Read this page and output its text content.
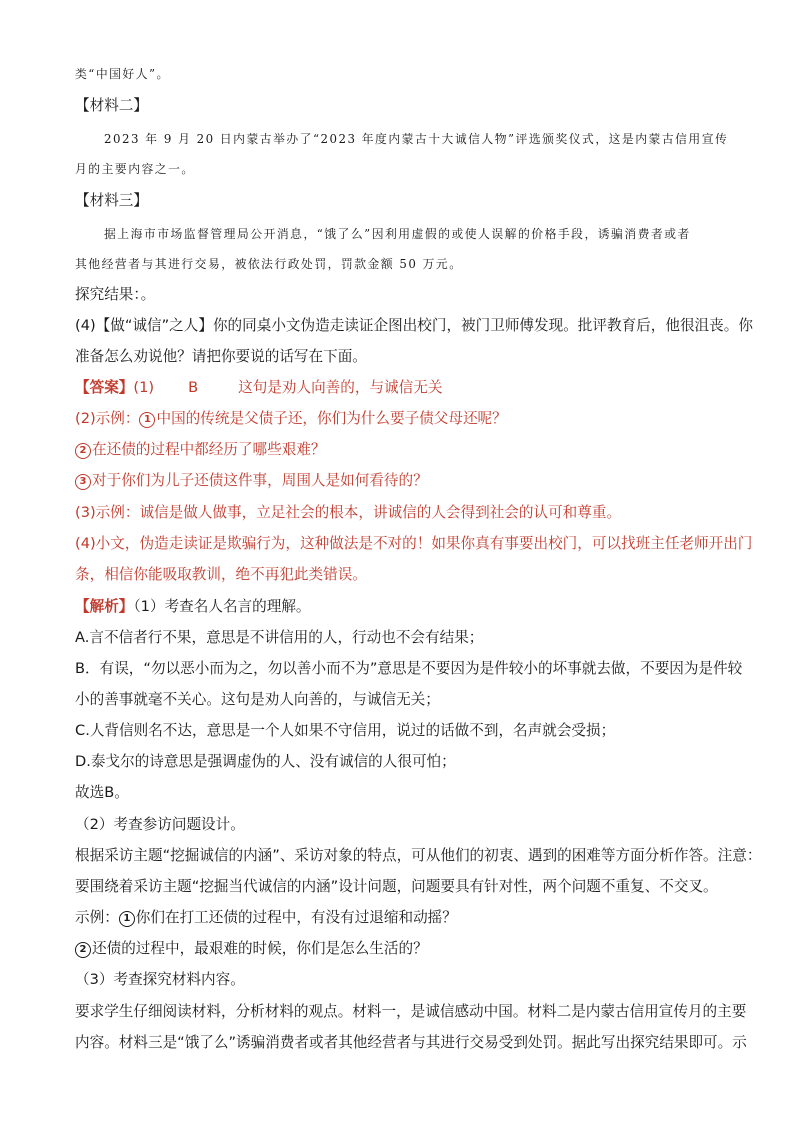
类“中国好人”。
【材料二】
2023 年 9 月 20 日内蒙古举办了“2023 年度内蒙古十大诚信人物”评选颁奖仪式，这是内蒙古信用宣传
月的主要内容之一。
【材料三】
据上海市市场监督管理局公开消息，“饿了么”因利用虚假的或使人误解的价格手段，诱骗消费者或者
其他经营者与其进行交易，被依法行政处罚，罚款金额 50 万元。
探究结果：。
(4)【做“诚信”之人】你的同桌小文伪造走读证企图出校门，被门卫师傅发现。批评教育后，他很沮丧。你
准备怎么劝说他？请把你要说的话写在下面。
【答案】(1) B	这句是劝人向善的，与诚信无关
(2)示例： 1 中国的传统是父债子还，你们为什么要子债父母还呢？
2 在还债的过程中都经历了哪些艰难？
3 对于你们为儿子还债这件事，周围人是如何看待的？
(3)示例：诚信是做人做事，立足社会的根本，讲诚信的人会得到社会的认可和尊重。
(4)小文，伪造走读证是欺骗行为，这种做法是不对的！如果你真有事要出校门，可以找班主任老师开出门
条，相信你能吸取教训，绝不再犯此类错误。
【解析】（1）考查名人名言的理解。
A.言不信者行不果，意思是不讲信用的人，行动也不会有结果；
B．有误，“勿以恶小而为之，勿以善小而不为”意思是不要因为是件较小的坏事就去做，不要因为是件较
小的善事就毫不关心。这句是劝人向善的，与诚信无关；
C.人背信则名不达，意思是一个人如果不守信用，说过的话做不到，名声就会受损；
D.泰戈尔的诗意思是强调虚伪的人、没有诚信的人很可怕；
故选B。
（2）考查参访问题设计。
根据采访主题“挖掘诚信的内涵”、采访对象的特点，可从他们的初衷、遇到的困难等方面分析作答。注意：
要围绕着采访主题“挖掘当代诚信的内涵”设计问题，问题要具有针对性，两个问题不重复、不交叉。
示例： 1 你们在打工还债的过程中，有没有过退缩和动摇？
2 还债的过程中，最艰难的时候，你们是怎么生活的？
（3）考查探究材料内容。
要求学生仔细阅读材料，分析材料的观点。材料一，是诚信感动中国。材料二是内蒙古信用宣传月的主要
内容。材料三是“饿了么”诱骗消费者或者其他经营者与其进行交易受到处罚。据此写出探究结果即可。示
